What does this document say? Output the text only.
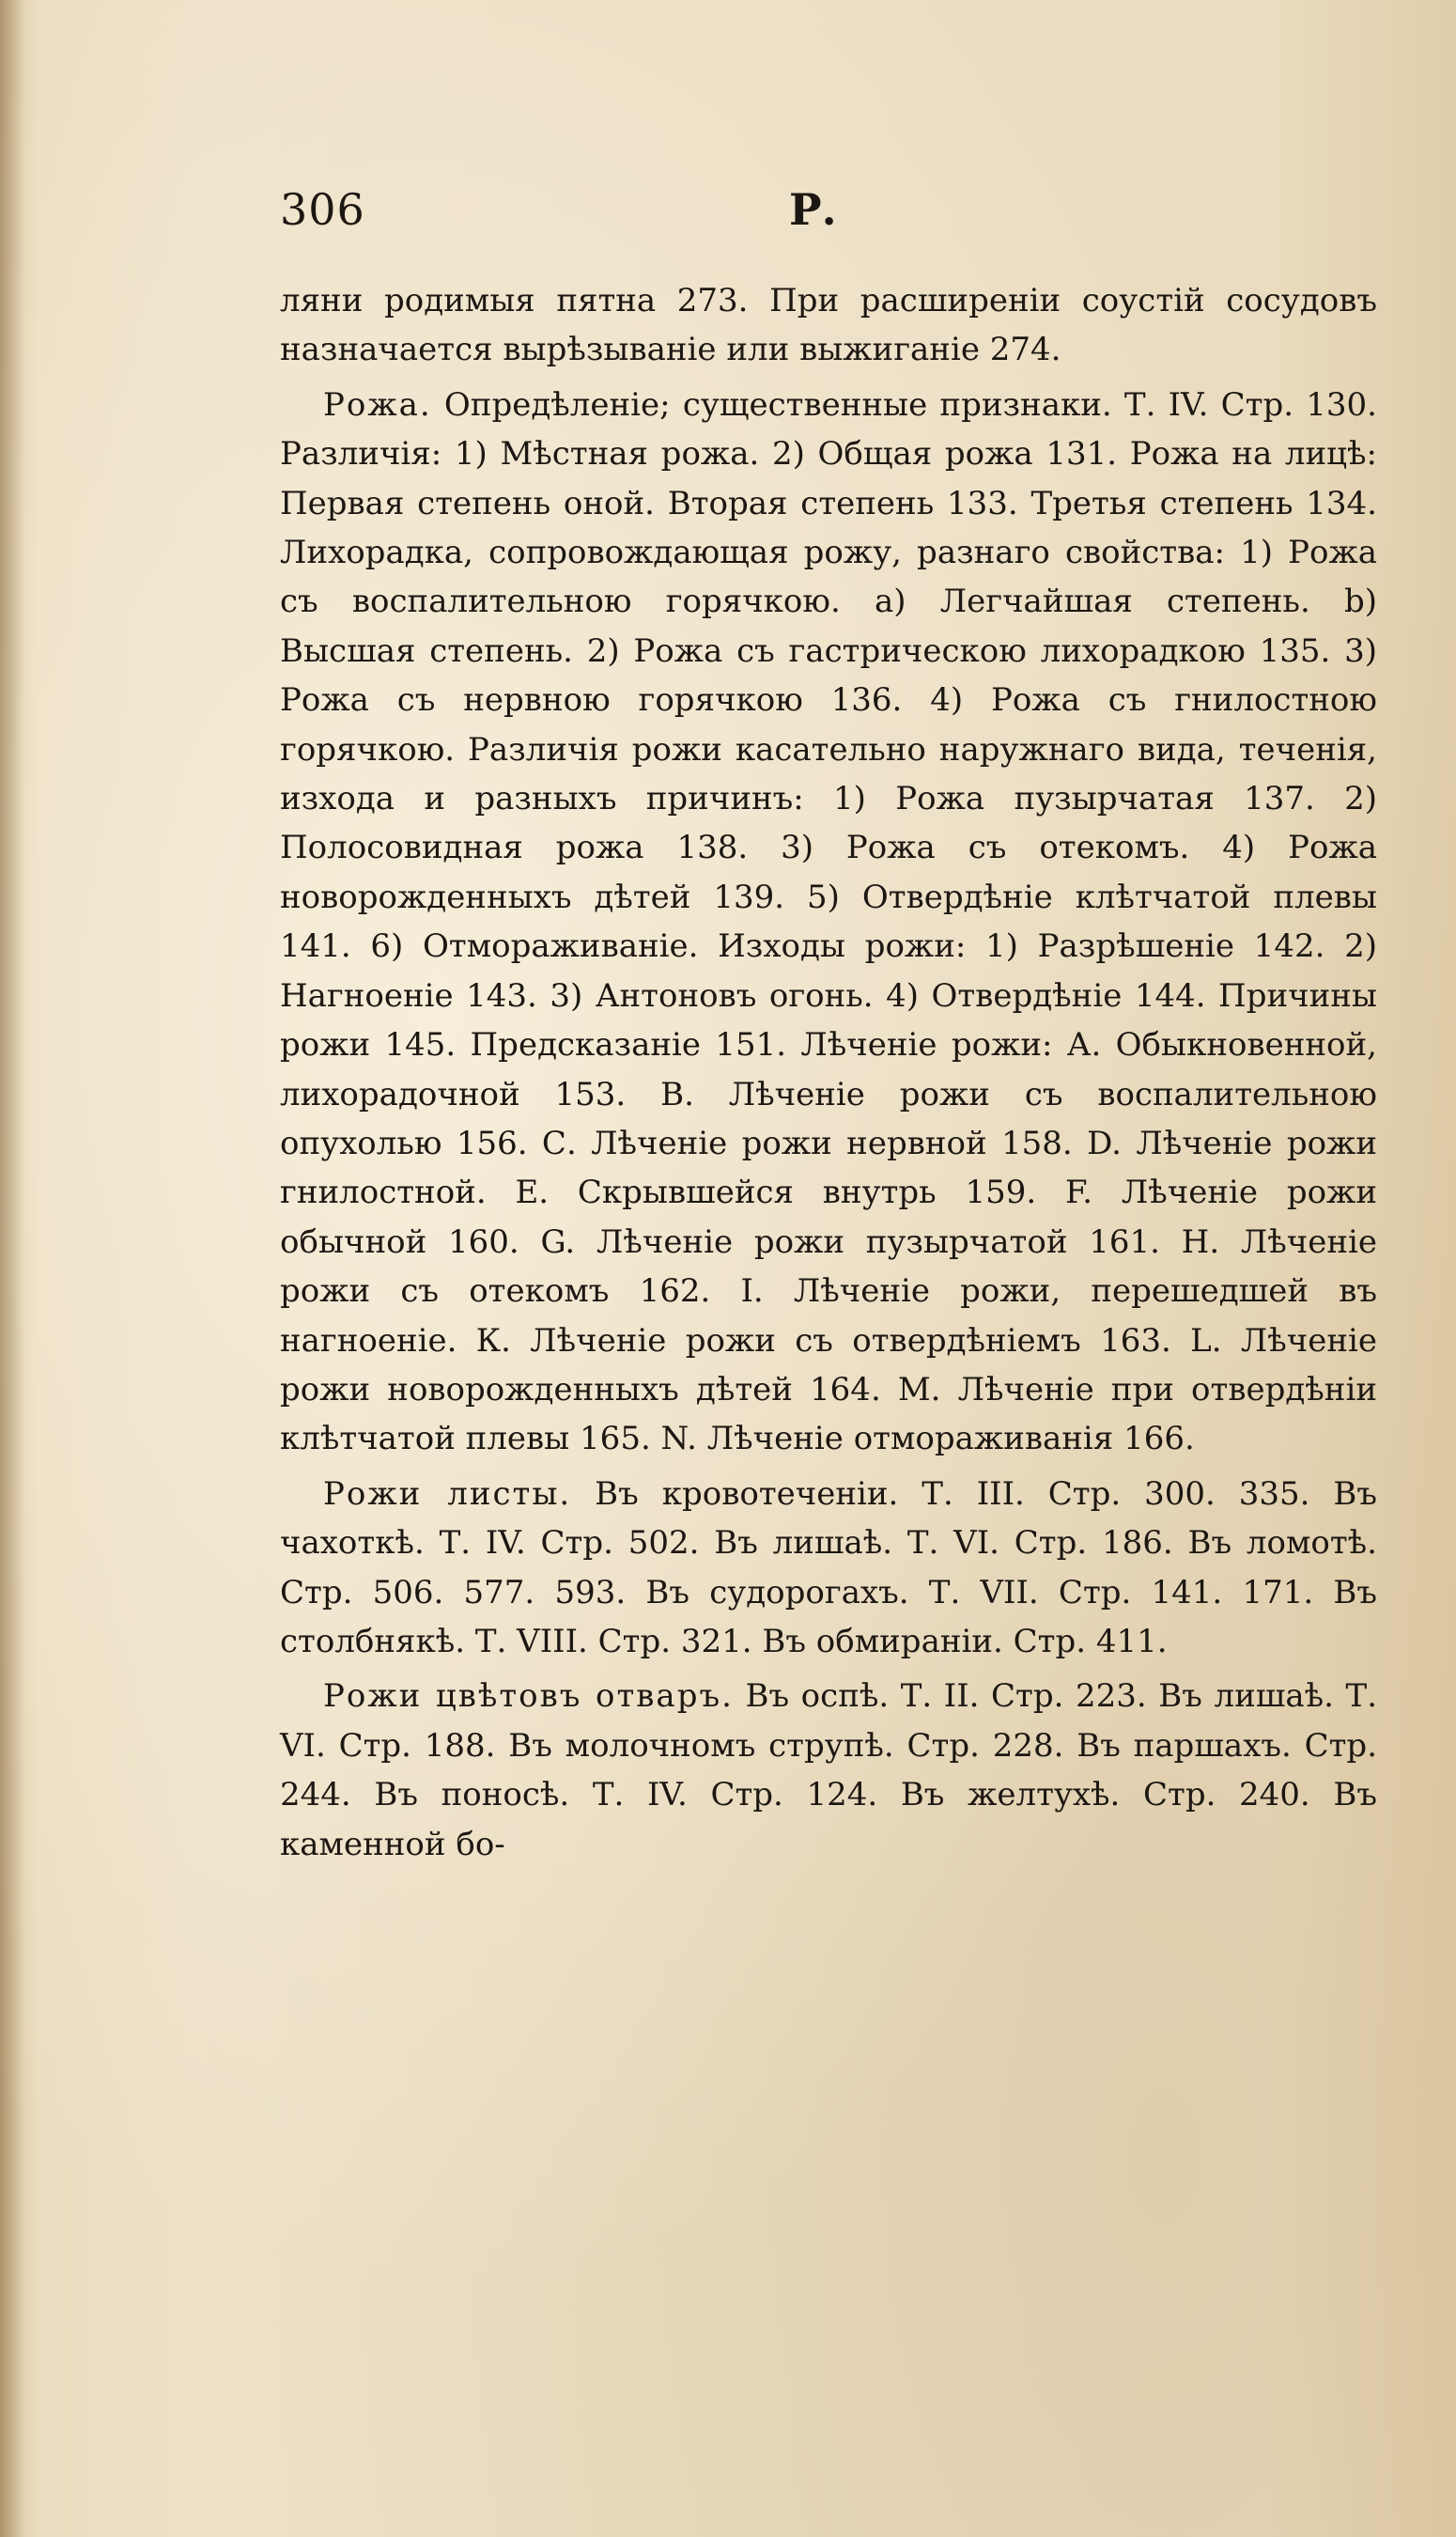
306	Р.

ляни родимыя пятна 273. При расширеніи соустій сосудовъ назначается вырѣзываніе или выжиганіе 274.

Рожа. Опредѣленіе; существенные признаки. Т. IV. Стр. 130. Различія: 1) Мѣстная рожа. 2) Общая рожа 131. Рожа на лицѣ: Первая степень оной. Вторая степень 133. Третья степень 134. Лихорадка, сопровождающая рожу, разнаго свойства: 1) Рожа съ воспалительною горячкою. а) Легчайшая степень. b) Высшая степень. 2) Рожа съ гастрическою лихорадкою 135. 3) Рожа съ нервною горячкою 136. 4) Рожа съ гнилостною горячкою. Различія рожи касательно наружнаго вида, теченія, изхода и разныхъ причинъ: 1) Рожа пузырчатая 137. 2) Полосовидная рожа 138. 3) Рожа съ отекомъ. 4) Рожа новорожденныхъ дѣтей 139. 5) Отвердѣніе клѣтчатой плевы 141. 6) Отмораживаніе. Изходы рожи: 1) Разрѣшеніе 142. 2) Нагноеніе 143. 3) Антоновъ огонь. 4) Отвердѣніе 144. Причины рожи 145. Предсказаніе 151. Лѣченіе рожи: А. Обыкновенной, лихорадочной 153. В. Лѣченіе рожи съ воспалительною опухолью 156. С. Лѣченіе рожи нервной 158. D. Лѣченіе рожи гнилостной. Е. Скрывшейся внутрь 159. F. Лѣченіе рожи обычной 160. G. Лѣченіе рожи пузырчатой 161. H. Лѣченіе рожи съ отекомъ 162. I. Лѣченіе рожи, перешедшей въ нагноеніе. К. Лѣченіе рожи съ отвердѣніемъ 163. L. Лѣченіе рожи новорожденныхъ дѣтей 164. М. Лѣченіе при отвердѣніи клѣтчатой плевы 165. N. Лѣченіе отмораживанія 166.

Рожи листы. Въ кровотеченіи. Т. III. Стр. 300. 335. Въ чахоткѣ. Т. IV. Стр. 502. Въ лишаѣ. Т. VI. Стр. 186. Въ ломотѣ. Стр. 506. 577. 593. Въ судорогахъ. Т. VII. Стр. 141. 171. Въ столбнякѣ. Т. VIII. Стр. 321. Въ обмираніи. Стр. 411.

Рожи цвѣтовъ отваръ. Въ оспѣ. Т. II. Стр. 223. Въ лишаѣ. Т. VI. Стр. 188. Въ молочномъ струпѣ. Стр. 228. Въ паршахъ. Стр. 244. Въ поносѣ. Т. IV. Стр. 124. Въ желтухѣ. Стр. 240. Въ каменной бо-
